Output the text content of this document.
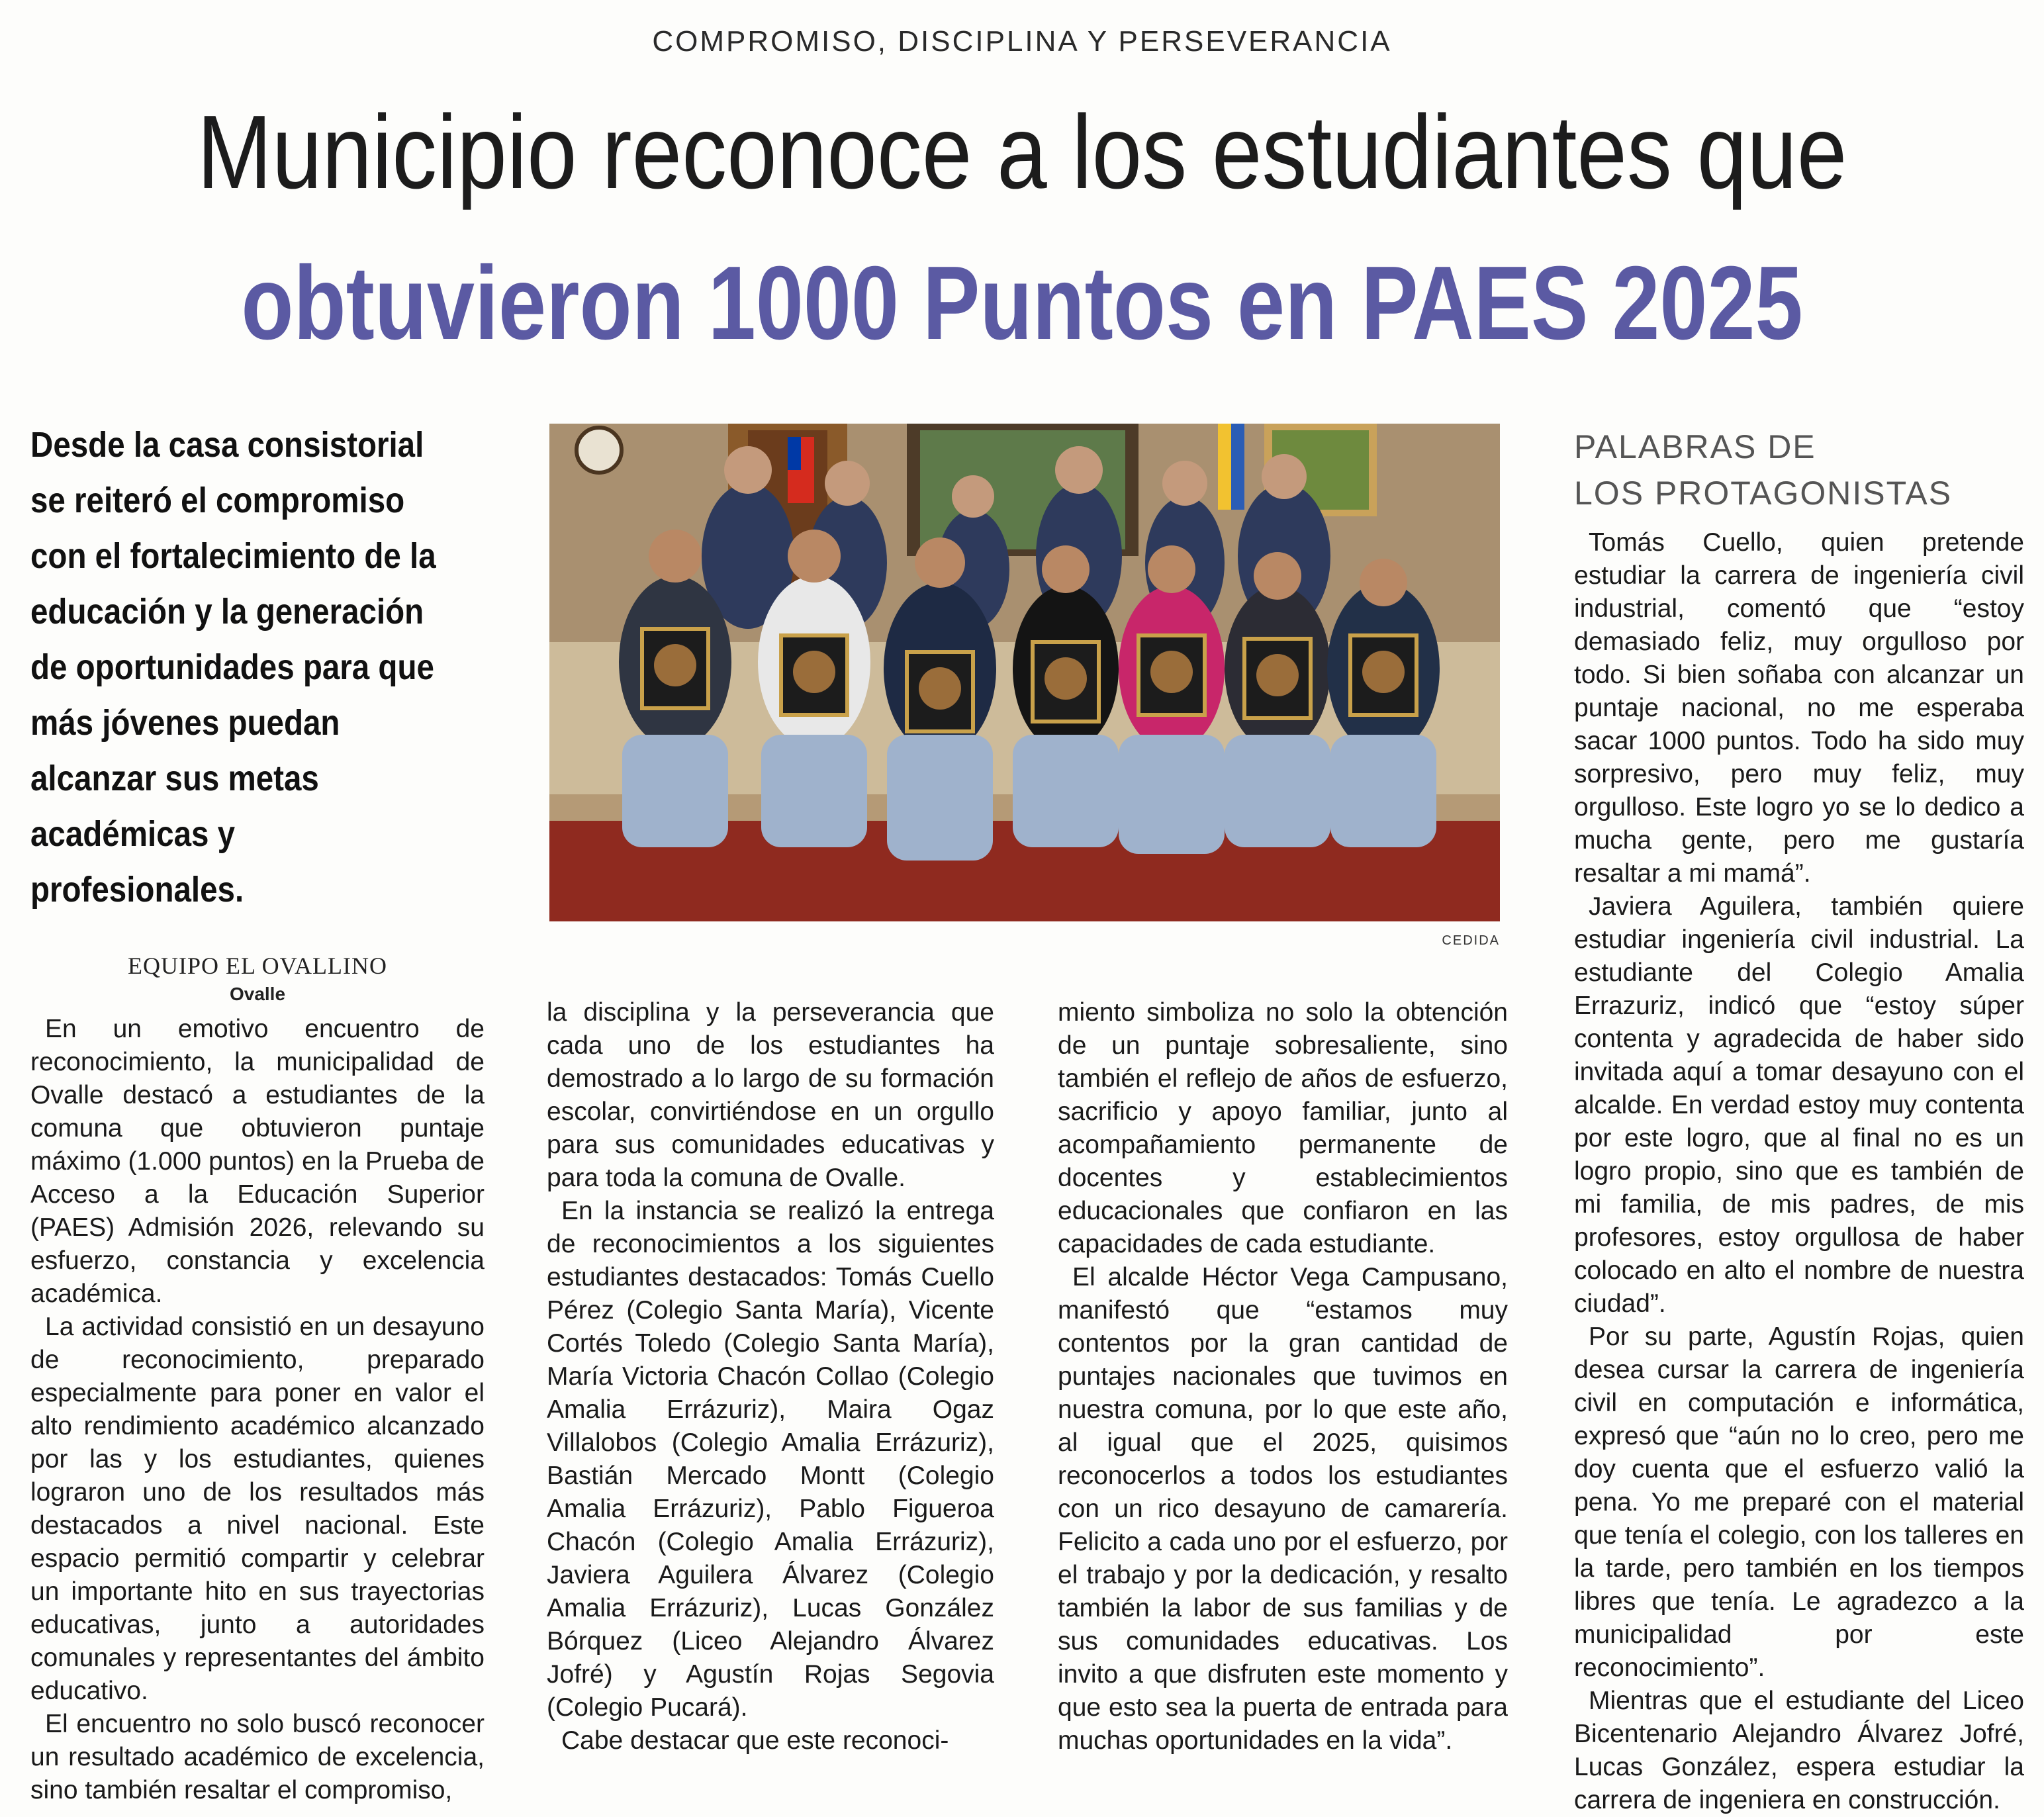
COMPROMISO, DISCIPLINA Y PERSEVERANCIA
Municipio reconoce a los estudiantes que
obtuvieron 1000 Puntos en PAES 2025
Desde la casa consistorial se reiteró el compromiso con el fortalecimiento de la educación y la generación de oportunidades para que más jóvenes puedan alcanzar sus metas académicas y profesionales.
CEDIDA
EQUIPO EL OVALLINO
Ovalle

En un emotivo encuentro de reconocimiento, la municipalidad de Ovalle destacó a estudiantes de la comuna que obtuvieron puntaje máximo (1.000 puntos) en la Prueba de Acceso a la Educación Superior (PAES) Admisión 2026, relevando su esfuerzo, constancia y excelencia académica.

La actividad consistió en un desayuno de reconocimiento, preparado especialmente para poner en valor el alto rendimiento académico alcanzado por las y los estudiantes, quienes lograron uno de los resultados más destacados a nivel nacional. Este espacio permitió compartir y celebrar un importante hito en sus trayectorias educativas, junto a autoridades comunales y representantes del ámbito educativo.

El encuentro no solo buscó reconocer un resultado académico de excelencia, sino también resaltar el compromiso,

la disciplina y la perseverancia que cada uno de los estudiantes ha demostrado a lo largo de su formación escolar, convirtiéndose en un orgullo para sus comunidades educativas y para toda la comuna de Ovalle.

En la instancia se realizó la entrega de reconocimientos a los siguientes estudiantes destacados: Tomás Cuello Pérez (Colegio Santa María), Vicente Cortés Toledo (Colegio Santa María), María Victoria Chacón Collao (Colegio Amalia Errázuriz), Maira Ogaz Villalobos (Colegio Amalia Errázuriz), Bastián Mercado Montt (Colegio Amalia Errázuriz), Pablo Figueroa Chacón (Colegio Amalia Errázuriz), Javiera Aguilera Álvarez (Colegio Amalia Errázuriz), Lucas González Bórquez (Liceo Alejandro Álvarez Jofré) y Agustín Rojas Segovia (Colegio Pucará).

Cabe destacar que este reconoci-

miento simboliza no solo la obtención de un puntaje sobresaliente, sino también el reflejo de años de esfuerzo, sacrificio y apoyo familiar, junto al acompañamiento permanente de docentes y establecimientos educacionales que confiaron en las capacidades de cada estudiante.

El alcalde Héctor Vega Campusano, manifestó que “estamos muy contentos por la gran cantidad de puntajes nacionales que tuvimos en nuestra comuna, por lo que este año, al igual que el 2025, quisimos reconocerlos a todos los estudiantes con un rico desayuno de camarería. Felicito a cada uno por el esfuerzo, por el trabajo y por la dedicación, y resalto también la labor de sus familias y de sus comunidades educativas. Los invito a que disfruten este momento y que esto sea la puerta de entrada para muchas oportunidades en la vida”.

PALABRAS DE
LOS PROTAGONISTAS

Tomás Cuello, quien pretende estudiar la carrera de ingeniería civil industrial, comentó que “estoy demasiado feliz, muy orgulloso por todo. Si bien soñaba con alcanzar un puntaje nacional, no me esperaba sacar 1000 puntos. Todo ha sido muy sorpresivo, pero muy feliz, muy orgulloso. Este logro yo se lo dedico a mucha gente, pero me gustaría resaltar a mi mamá”.

Javiera Aguilera, también quiere estudiar ingeniería civil industrial. La estudiante del Colegio Amalia Errazuriz, indicó que “estoy súper contenta y agradecida de haber sido invitada aquí a tomar desayuno con el alcalde. En verdad estoy muy contenta por este logro, que al final no es un logro propio, sino que es también de mi familia, de mis padres, de mis profesores, estoy orgullosa de haber colocado en alto el nombre de nuestra ciudad”.

Por su parte, Agustín Rojas, quien desea cursar la carrera de ingeniería civil en computación e informática, expresó que “aún no lo creo, pero me doy cuenta que el esfuerzo valió la pena. Yo me preparé con el material que tenía el colegio, con los talleres en la tarde, pero también en los tiempos libres que tenía. Le agradezco a la municipalidad por este reconocimiento”.

Mientras que el estudiante del Liceo Bicentenario Alejandro Álvarez Jofré, Lucas González, espera estudiar la carrera de ingeniera en construcción.
